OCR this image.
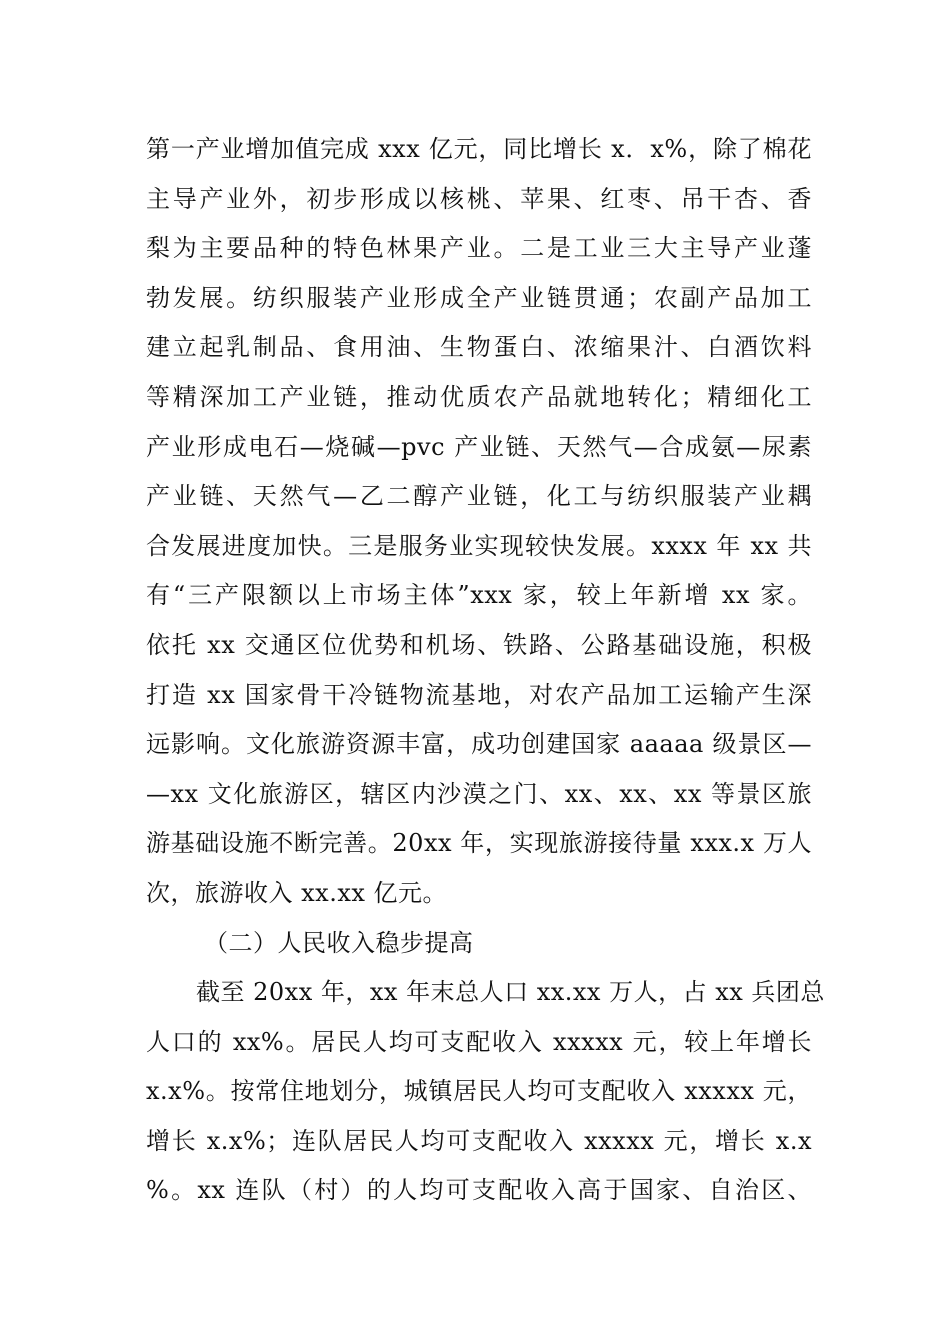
第一产业增加值完成 xxx 亿元，同比增长 x．x%，除了棉花
主导产业外，初步形成以核桃、苹果、红枣、吊干杏、香
梨为主要品种的特色林果产业。二是工业三大主导产业蓬
勃发展。纺织服装产业形成全产业链贯通；农副产品加工
建立起乳制品、食用油、生物蛋白、浓缩果汁、白酒饮料
等精深加工产业链，推动优质农产品就地转化；精细化工
产业形成电石—烧碱—pvc 产业链、天然气—合成氨—尿素
产业链、天然气—乙二醇产业链，化工与纺织服装产业耦
合发展进度加快。三是服务业实现较快发展。xxxx 年 xx 共
有“三产限额以上市场主体”xxx 家，较上年新增 xx 家。
依托 xx 交通区位优势和机场、铁路、公路基础设施，积极
打造 xx 国家骨干冷链物流基地，对农产品加工运输产生深
远影响。文化旅游资源丰富，成功创建国家 aaaaa 级景区—
—xx 文化旅游区，辖区内沙漠之门、xx、xx、xx 等景区旅
游基础设施不断完善。20xx 年，实现旅游接待量 xxx.x 万人
次，旅游收入 xx.xx 亿元。
（二）人民收入稳步提高
截至 20xx 年，xx 年末总人口 xx.xx 万人，占 xx 兵团总
人口的 xx%。居民人均可支配收入 xxxxx 元，较上年增长
x.x%。按常住地划分，城镇居民人均可支配收入 xxxxx 元，
增长 x.x%；连队居民人均可支配收入 xxxxx 元，增长 x.x
%。xx 连队（村）的人均可支配收入高于国家、自治区、
